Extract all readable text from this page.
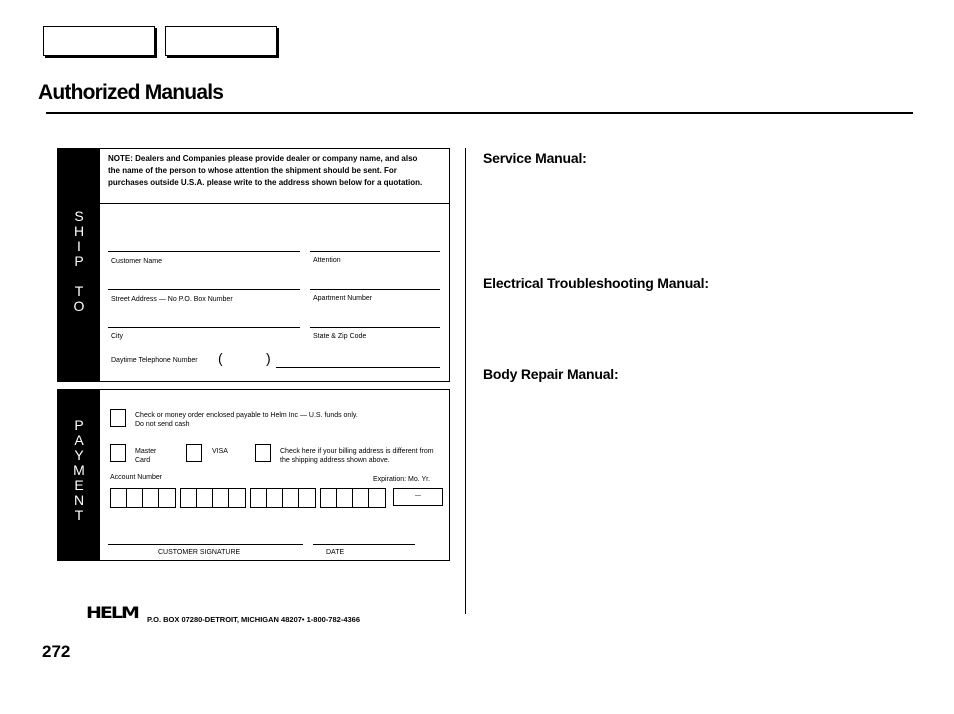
Authorized Manuals
S
H
I
P
T
O
NOTE: Dealers and Companies please provide dealer or company name, and also the name of the person to whose attention the shipment should be sent. For purchases outside U.S.A. please write to the address shown below for a quotation.
Customer Name	Attention
Street Address — No P.O. Box Number	Apartment Number
City	State & Zip Code
Daytime Telephone Number (	)
P
A
Y
M
E
N
T
Check or money order enclosed payable to Helm Inc — U.S. funds only.
Do not send cash
Master Card
VISA	Check here if your billing address is different from the shipping address shown above.
Account Number	Expiration: Mo. Yr.
—
CUSTOMER SIGNATURE	DATE
Service Manual:
Electrical Troubleshooting Manual:
Body Repair Manual:
HELM P.O. BOX 07280-DETROIT, MICHIGAN 48207• 1-800-782-4366
272
